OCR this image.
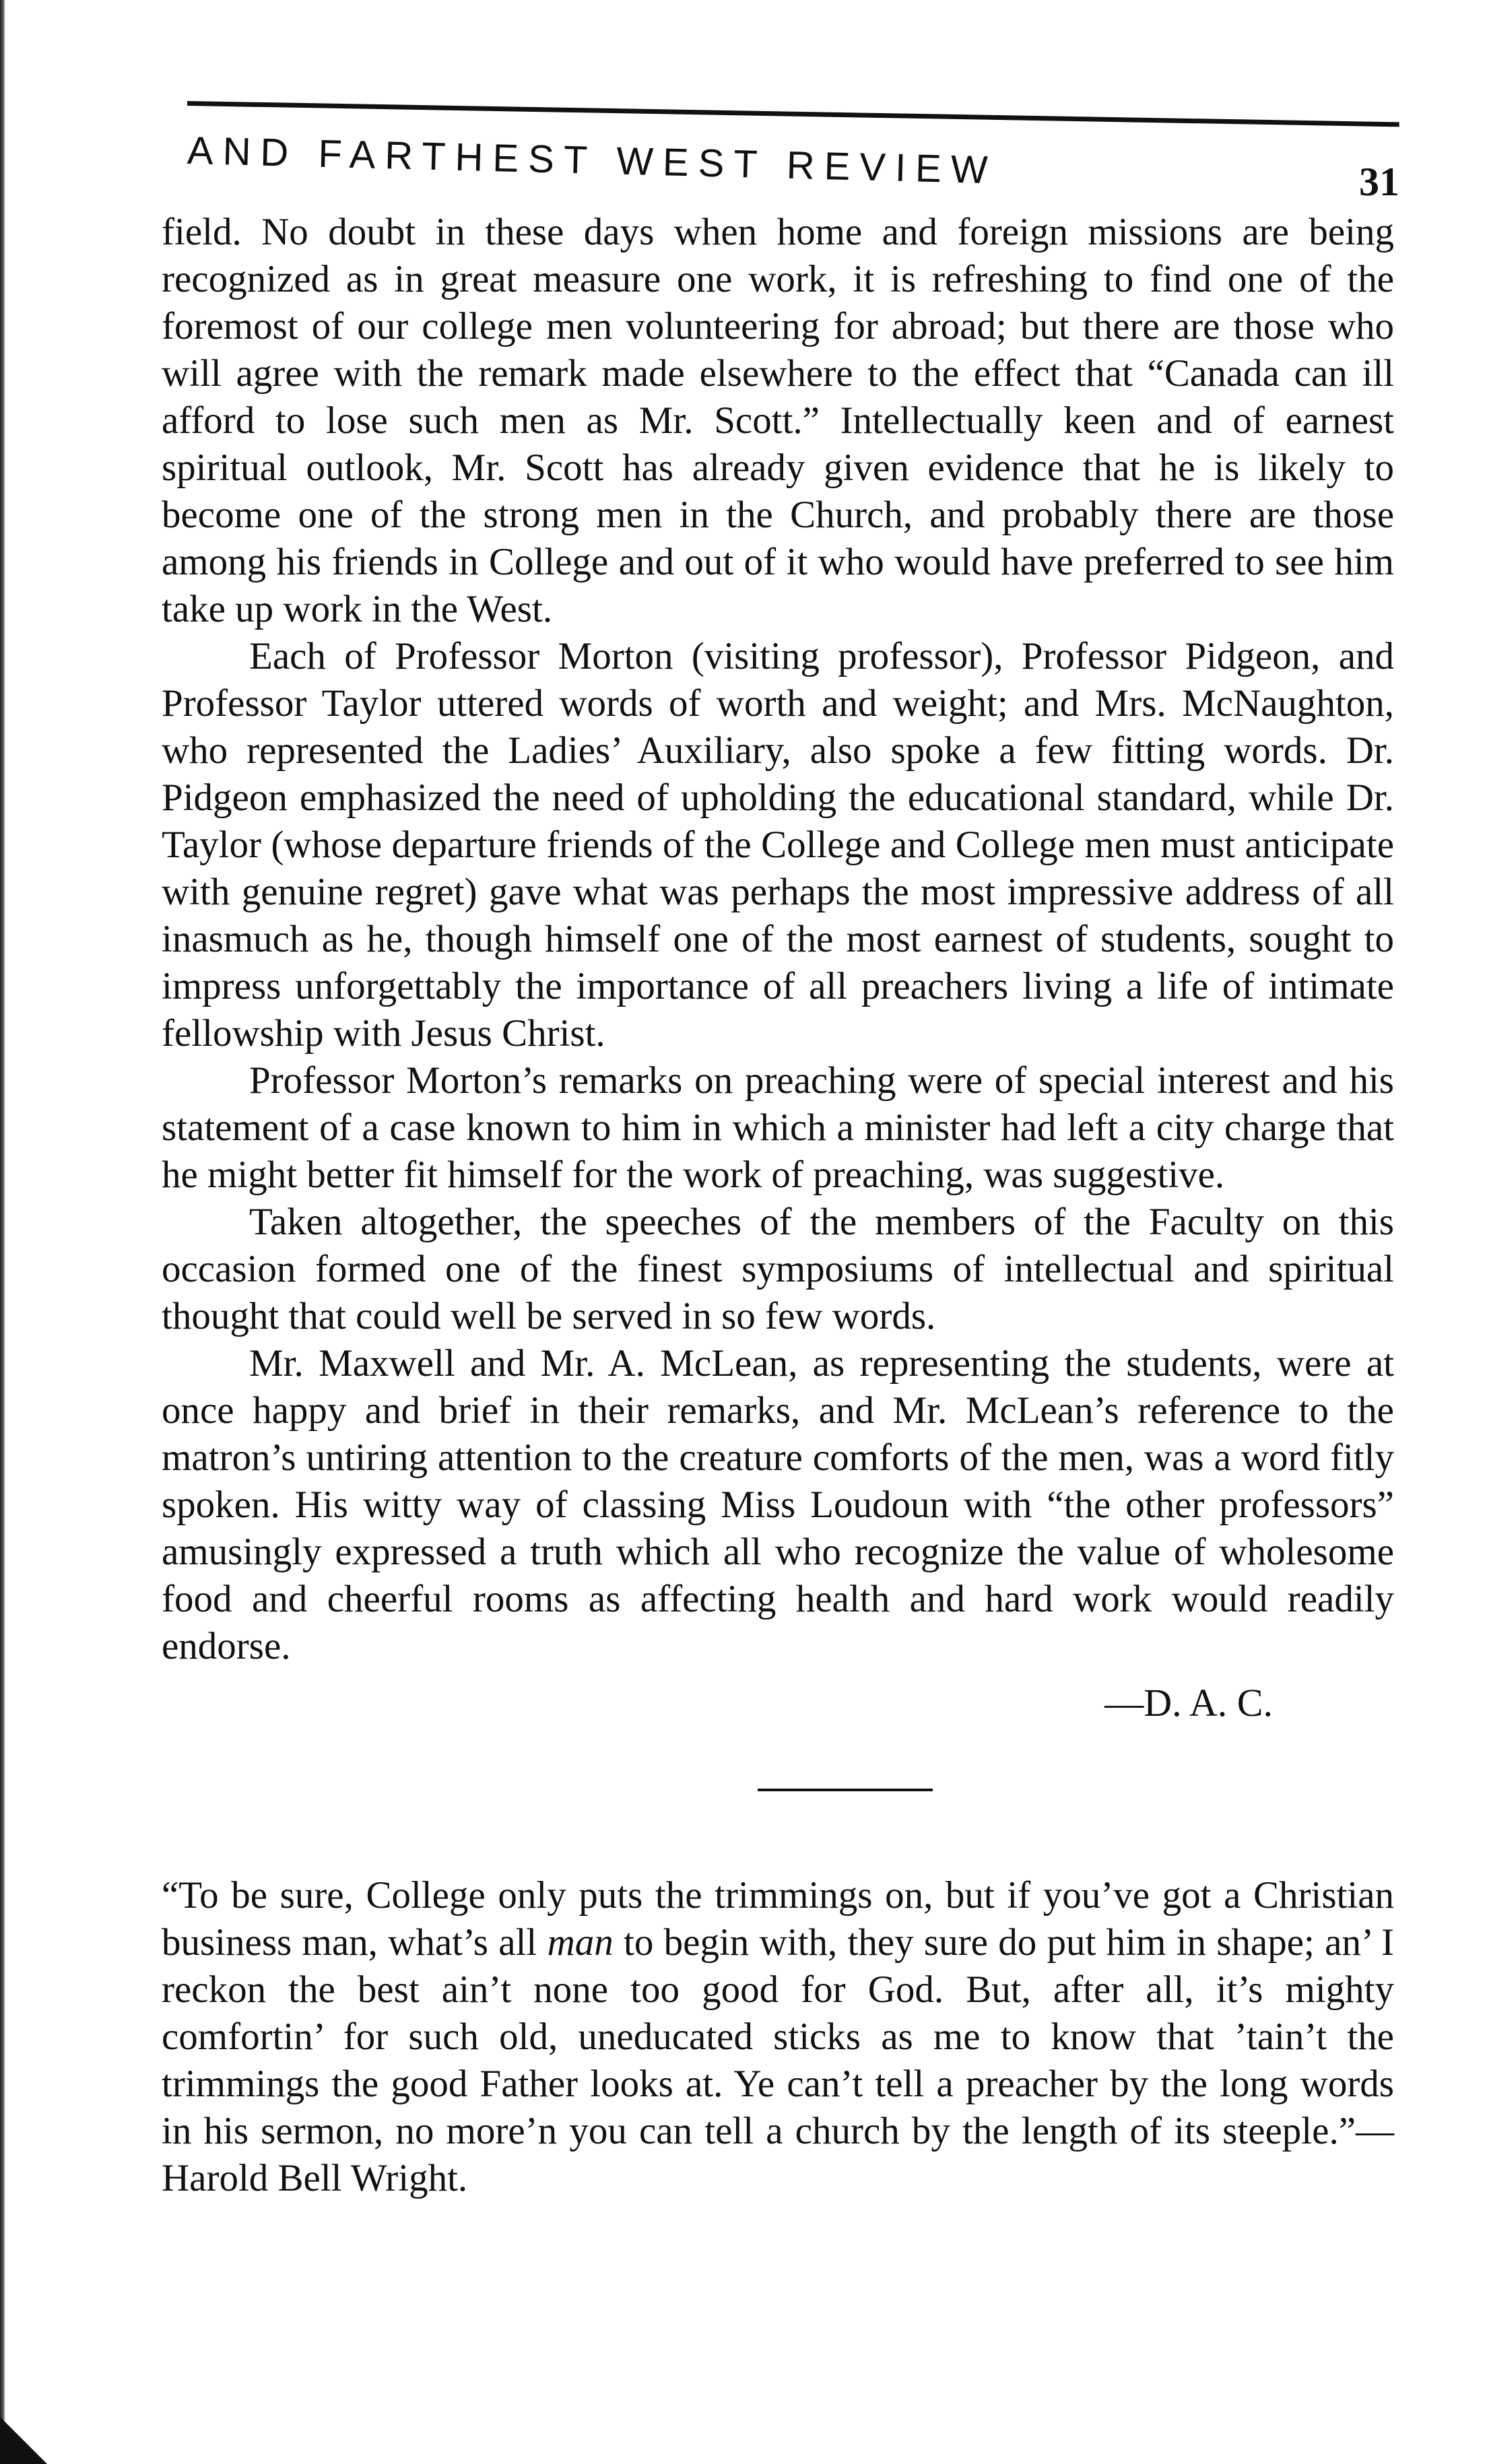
AND FARTHEST WEST REVIEW	31

field. No doubt in these days when home and foreign missions are being recognized as in great measure one work, it is refreshing to find one of the foremost of our college men volunteering for abroad; but there are those who will agree with the remark made elsewhere to the effect that “Canada can ill afford to lose such men as Mr. Scott.” Intellectually keen and of earnest spiritual outlook, Mr. Scott has already given evidence that he is likely to become one of the strong men in the Church, and probably there are those among his friends in College and out of it who would have preferred to see him take up work in the West.

Each of Professor Morton (visiting professor), Professor Pidgeon, and Professor Taylor uttered words of worth and weight; and Mrs. McNaughton, who represented the Ladies’ Auxiliary, also spoke a few fitting words. Dr. Pidgeon emphasized the need of upholding the educational standard, while Dr. Taylor (whose departure friends of the College and College men must anticipate with genuine regret) gave what was perhaps the most impressive address of all inasmuch as he, though himself one of the most earnest of students, sought to impress unforgettably the importance of all preachers living a life of intimate fellowship with Jesus Christ.

Professor Morton’s remarks on preaching were of special interest and his statement of a case known to him in which a minister had left a city charge that he might better fit himself for the work of preaching, was suggestive.

Taken altogether, the speeches of the members of the Faculty on this occasion formed one of the finest symposiums of intellectual and spiritual thought that could well be served in so few words.

Mr. Maxwell and Mr. A. McLean, as representing the students, were at once happy and brief in their remarks, and Mr. McLean’s reference to the matron’s untiring attention to the creature comforts of the men, was a word fitly spoken. His witty way of classing Miss Loudoun with “the other professors” amusingly expressed a truth which all who recognize the value of wholesome food and cheerful rooms as affecting health and hard work would readily endorse.

—D. A. C.

“To be sure, College only puts the trimmings on, but if you’ve got a Christian business man, what’s all man to begin with, they sure do put him in shape; an’ I reckon the best ain’t none too good for God. But, after all, it’s mighty comfortin’ for such old, uneducated sticks as me to know that ’tain’t the trimmings the good Father looks at. Ye can’t tell a preacher by the long words in his sermon, no more’n you can tell a church by the length of its steeple.”—Harold Bell Wright.
